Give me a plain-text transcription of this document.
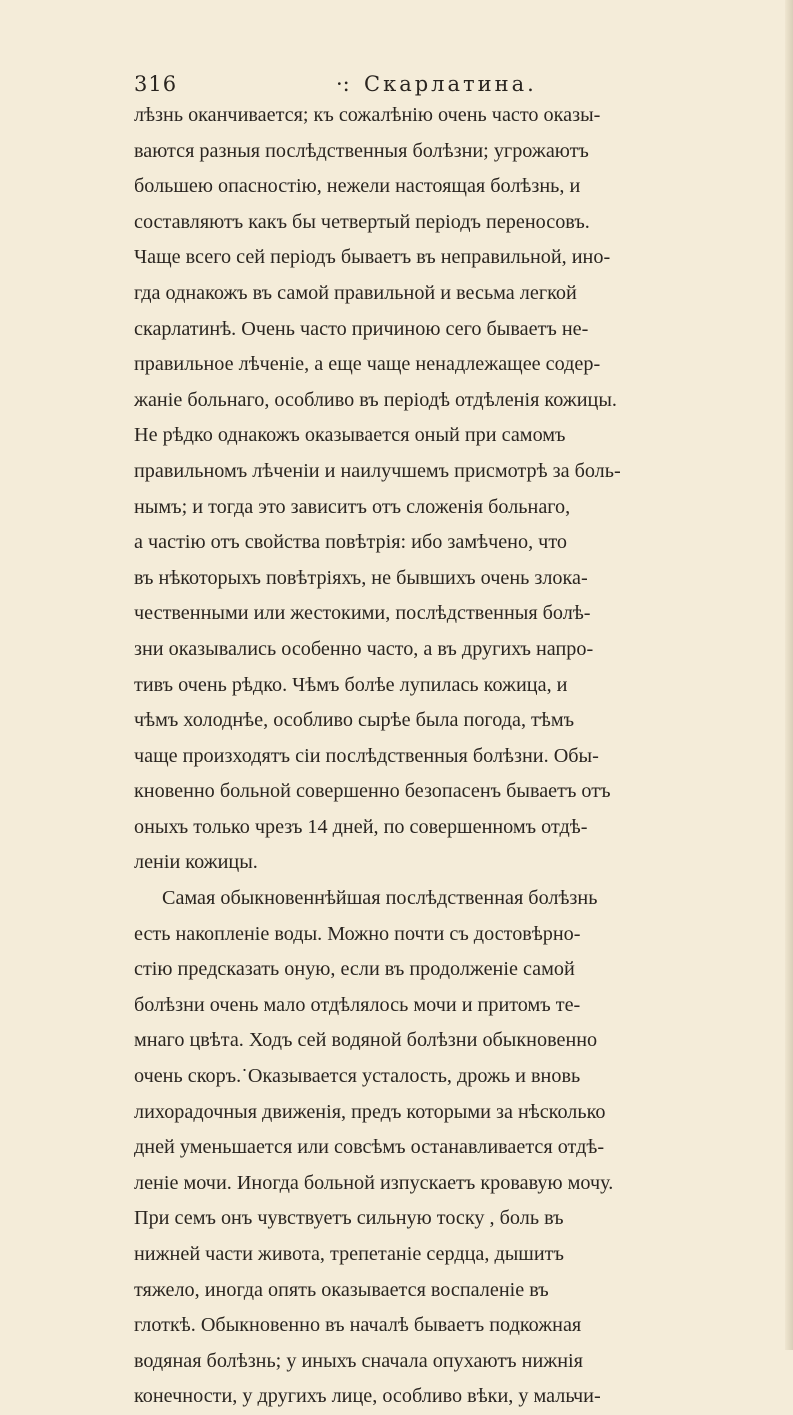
316	·: Скарлатина.
лѣзнь оканчивается; къ сожалѣнію очень часто оказы-
ваются разныя послѣдственныя болѣзни; угрожаютъ
большею опасностію, нежели настоящая болѣзнь, и
составляютъ какъ бы четвертый періодъ переносовъ.
Чаще всего сей періодъ бываетъ въ неправильной, ино-
гда однакожъ въ самой правильной и весьма легкой
скарлатинѣ. Очень часто причиною сего бываетъ не-
правильное лѣченіе, а еще чаще ненадлежащее содер-
жаніе больнаго, особливо въ періодѣ отдѣленія кожицы.
Не рѣдко однакожъ оказывается оный при самомъ
правильномъ лѣченіи и наилучшемъ присмотрѣ за боль-
нымъ; и тогда это зависитъ отъ сложенія больнаго,
а частію отъ свойства повѣтрія: ибо замѣчено, что
въ нѣкоторыхъ повѣтріяхъ, не бывшихъ очень злока-
чественными или жестокими, послѣдственныя болѣ-
зни оказывались особенно часто, а въ другихъ напро-
тивъ очень рѣдко. Чѣмъ болѣе лупилась кожица, и
чѣмъ холоднѣе, особливо сырѣе была погода, тѣмъ
чаще произходятъ сіи послѣдственныя болѣзни. Обы-
кновенно больной совершенно безопасенъ бываетъ отъ
оныхъ только чрезъ 14 дней, по совершенномъ отдѣ-
леніи кожицы.
Самая обыкновеннѣйшая послѣдственная болѣзнь
есть накопленіе воды. Можно почти съ достовѣрно-
стію предсказать оную, если въ продолженіе самой
болѣзни очень мало отдѣлялось мочи и притомъ те-
мнаго цвѣта. Ходъ сей водяной болѣзни обыкновенно
очень скоръ.˙Оказывается усталость, дрожь и вновь
лихорадочныя движенія, предъ которыми за нѣсколько
дней уменьшается или совсѣмъ останавливается отдѣ-
леніе мочи. Иногда больной изпускаетъ кровавую мочу.
При семъ онъ чувствуетъ сильную тоску , боль въ
нижней части живота, трепетаніе сердца, дышитъ
тяжело, иногда опять оказывается воспаленіе въ
глоткѣ. Обыкновенно въ началѣ бываетъ подкожная
водяная болѣзнь; у иныхъ сначала опухаютъ нижнія
конечности, у другихъ лице, особливо вѣки, у мальчи-
